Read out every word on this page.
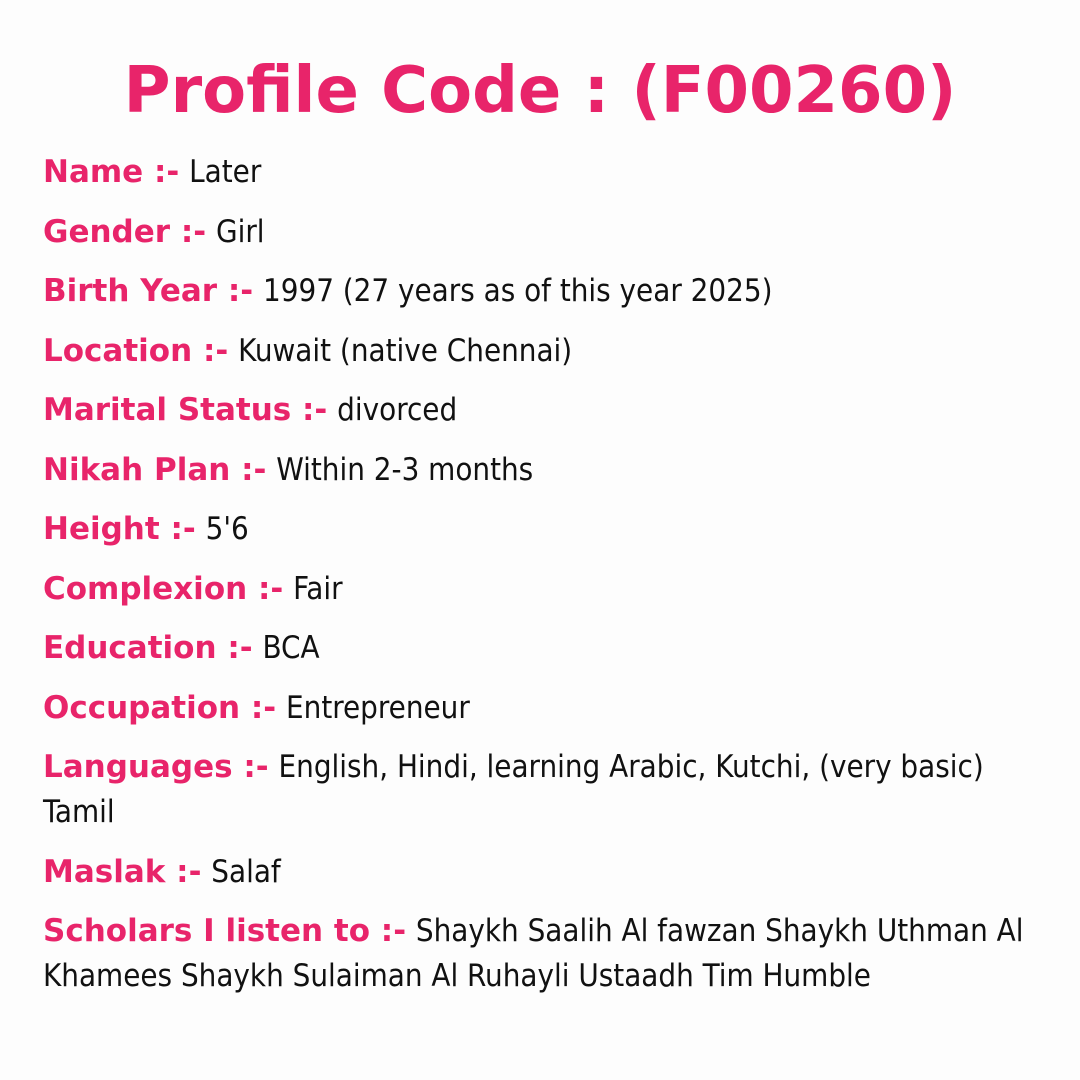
Profile Code : (F00260)
Name :- Later
Gender :- Girl
Birth Year :- 1997 (27 years as of this year 2025)
Location :- Kuwait (native Chennai)
Marital Status :- divorced
Nikah Plan :- Within 2-3 months
Height :- 5'6
Complexion :- Fair
Education :- BCA
Occupation :- Entrepreneur
Languages :- English, Hindi, learning Arabic, Kutchi, (very basic) Tamil
Maslak :- Salaf
Scholars I listen to :- Shaykh Saalih Al fawzan Shaykh Uthman Al Khamees Shaykh Sulaiman Al Ruhayli Ustaadh Tim Humble
